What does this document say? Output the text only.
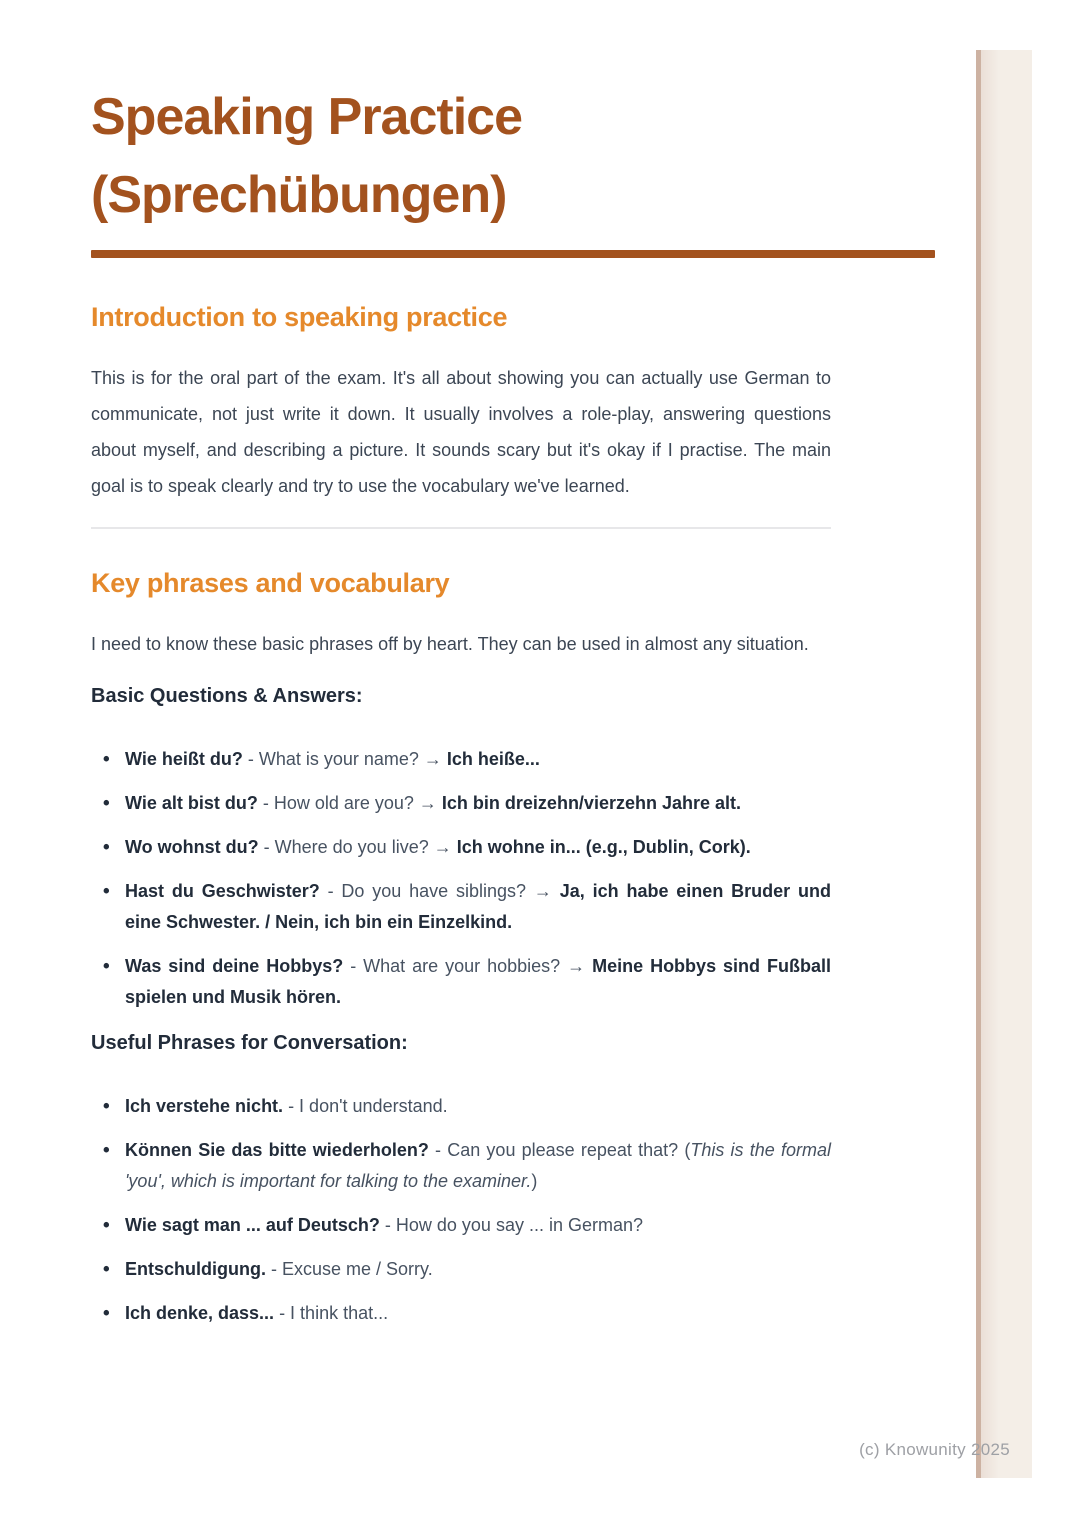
(c) Knowunity 2025
Speaking Practice (Sprechübungen)
Introduction to speaking practice

This is for the oral part of the exam. It's all about showing you can actually use German to communicate, not just write it down. It usually involves a role-play, answering questions about myself, and describing a picture. It sounds scary but it's okay if I practise. The main goal is to speak clearly and try to use the vocabulary we've learned.

Key phrases and vocabulary

I need to know these basic phrases off by heart. They can be used in almost any situation.

Basic Questions & Answers:
• Wie heißt du? - What is your name? → Ich heiße...
• Wie alt bist du? - How old are you? → Ich bin dreizehn/vierzehn Jahre alt.
• Wo wohnst du? - Where do you live? → Ich wohne in... (e.g., Dublin, Cork).
• Hast du Geschwister? - Do you have siblings? → Ja, ich habe einen Bruder und eine Schwester. / Nein, ich bin ein Einzelkind.
• Was sind deine Hobbys? - What are your hobbies? → Meine Hobbys sind Fußball spielen und Musik hören.
Useful Phrases for Conversation:
• Ich verstehe nicht. - I don't understand.
• Können Sie das bitte wiederholen? - Can you please repeat that? (This is the formal 'you', which is important for talking to the examiner.)
• Wie sagt man ... auf Deutsch? - How do you say ... in German?
• Entschuldigung. - Excuse me / Sorry.
• Ich denke, dass... - I think that...
